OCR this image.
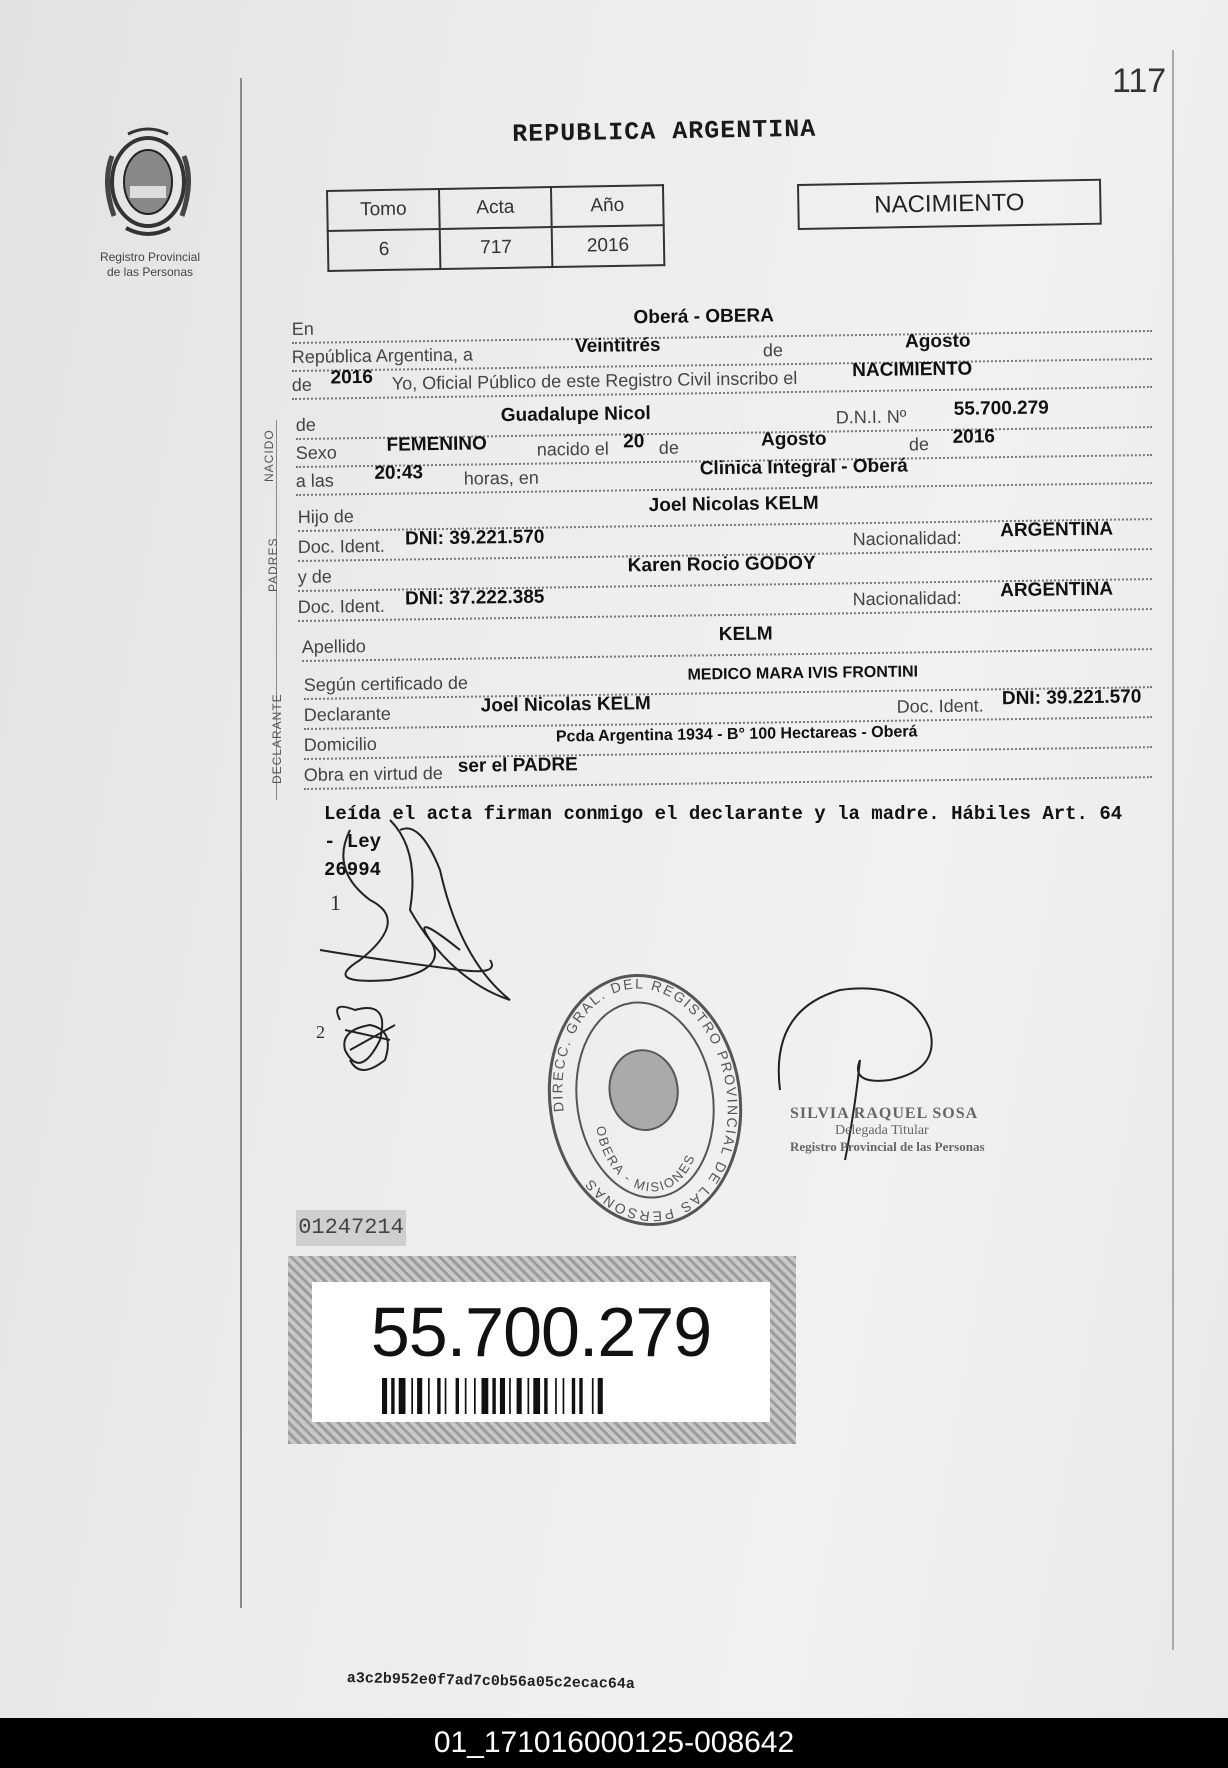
117
Registro Provincial
de las Personas
REPUBLICA ARGENTINA
Tomo	Acta	Año
6	717	2016
NACIMIENTO
En
Oberá - OBERA
República Argentina, a	Veintitrés	de	Agosto
de 2016	Yo, Oficial Público de este Registro Civil inscribo el	NACIMIENTO
NACIDO
de	Guadalupe Nicol	D.N.I. Nº	55.700.279
Sexo	FEMENINO	nacido el 20 de	Agosto	de	2016
a las	20:43	horas, en	Clinica Integral - Oberá
PADRES
Hijo de
Joel Nicolas KELM
Doc. Ident.	DNI: 39.221.570	Nacionalidad:	ARGENTINA
y de
Karen Rocio GODOY
Doc. Ident.	DNI: 37.222.385	Nacionalidad:	ARGENTINA
Apellido
KELM
DECLARANTE
Según certificado de	MEDICO MARA IVIS FRONTINI
Declarante	Joel Nicolas KELM	Doc. Ident. DNI: 39.221.570
Domicilio	Pcda Argentina 1934 - B° 100 Hectareas - Oberá
Obra en virtud de ser el PADRE
Leída el acta firman conmigo el declarante y la madre. Hábiles Art. 64 - Ley
26994
1
2
DIRECC. GRAL. DEL REGISTRO PROVINCIAL DE LAS PERSONAS
OBERA - MISIONES
SILVIA RAQUEL SOSA
Delegada Titular
Registro Provincial de las Personas
01247214
55.700.279
a3c2b952e0f7ad7c0b56a05c2ecac64a
01_171016000125-008642
